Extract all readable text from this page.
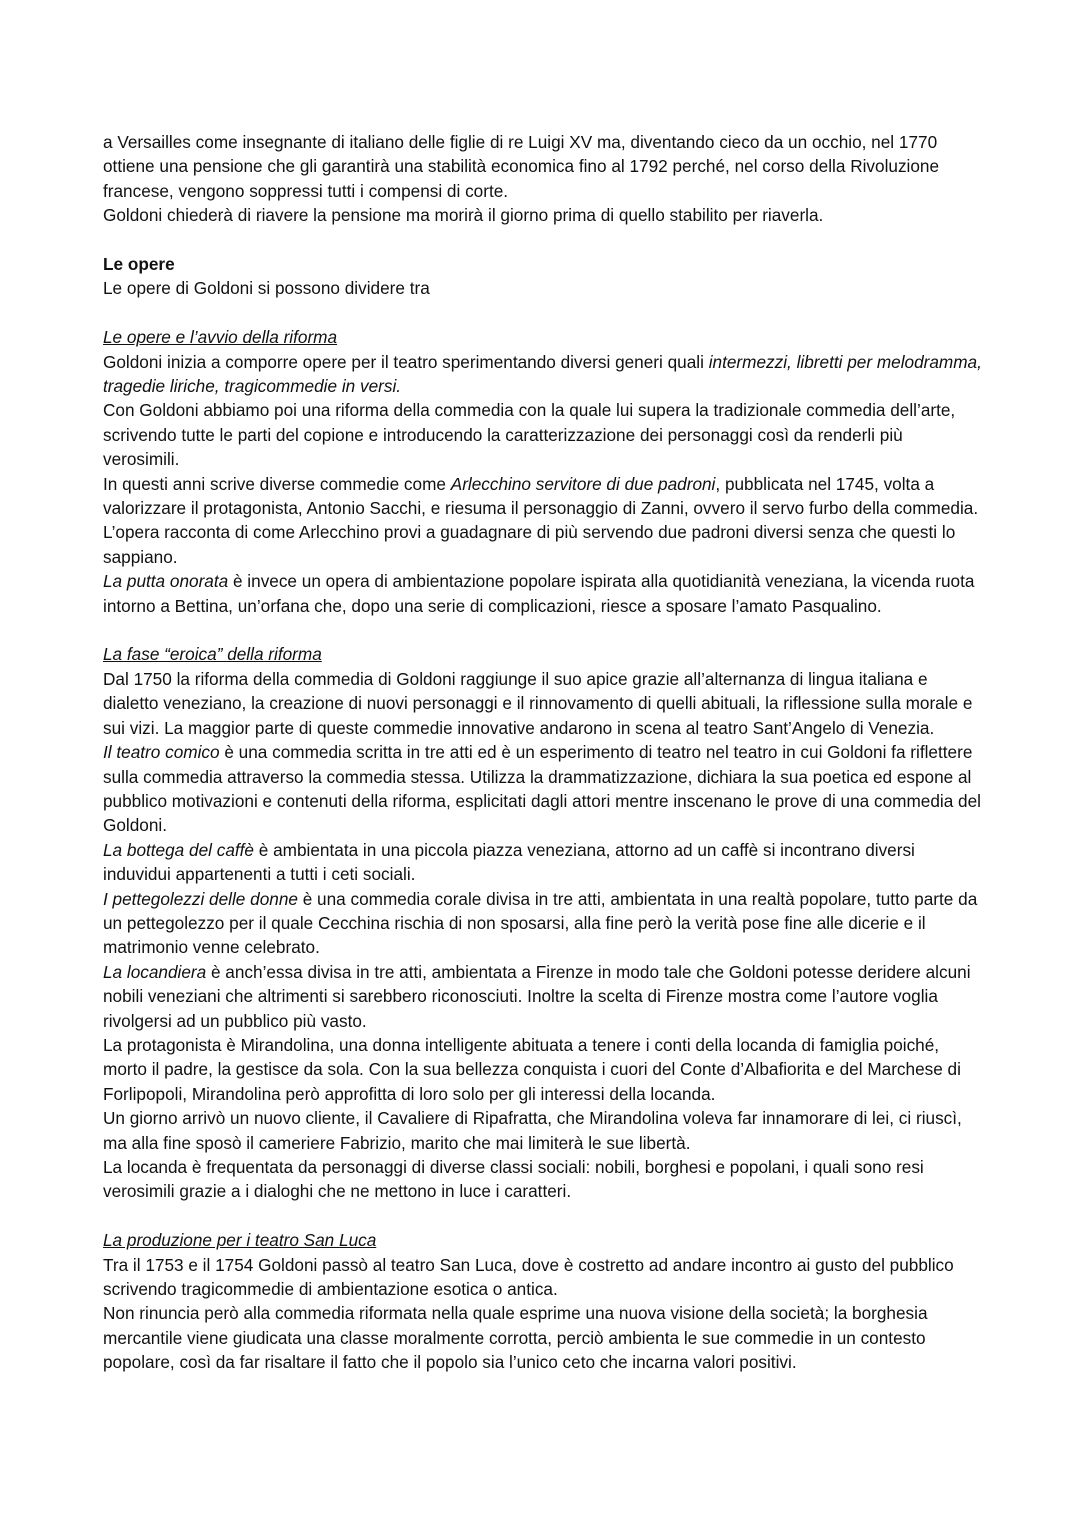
a Versailles come insegnante di italiano delle figlie di re Luigi XV ma, diventando cieco da un occhio, nel 1770 ottiene una pensione che gli garantirà una stabilità economica fino al 1792 perché, nel corso della Rivoluzione francese, vengono soppressi tutti i compensi di corte.

Goldoni chiederà di riavere la pensione ma morirà il giorno prima di quello stabilito per riaverla.

Le opere

Le opere di Goldoni si possono dividere tra

Le opere e l’avvio della riforma

Goldoni inizia a comporre opere per il teatro sperimentando diversi generi quali intermezzi, libretti per melodramma, tragedie liriche, tragicommedie in versi.

Con Goldoni abbiamo poi una riforma della commedia con la quale lui supera la tradizionale commedia dell’arte, scrivendo tutte le parti del copione e introducendo la caratterizzazione dei personaggi così da renderli più verosimili.

In questi anni scrive diverse commedie come Arlecchino servitore di due padroni, pubblicata nel 1745, volta a valorizzare il protagonista, Antonio Sacchi, e riesuma il personaggio di Zanni, ovvero il servo furbo della commedia. L’opera racconta di come Arlecchino provi a guadagnare di più servendo due padroni diversi senza che questi lo sappiano.

La putta onorata è invece un opera di ambientazione popolare ispirata alla quotidianità veneziana, la vicenda ruota intorno a Bettina, un’orfana che, dopo una serie di complicazioni, riesce a sposare l’amato Pasqualino.

La fase “eroica” della riforma

Dal 1750 la riforma della commedia di Goldoni raggiunge il suo apice grazie all’alternanza di lingua italiana e dialetto veneziano, la creazione di nuovi personaggi e il rinnovamento di quelli abituali, la riflessione sulla morale e sui vizi. La maggior parte di queste commedie innovative andarono in scena al teatro Sant’Angelo di Venezia.

Il teatro comico è una commedia scritta in tre atti ed è un esperimento di teatro nel teatro in cui Goldoni fa riflettere sulla commedia attraverso la commedia stessa. Utilizza la drammatizzazione, dichiara la sua poetica ed espone al pubblico motivazioni e contenuti della riforma, esplicitati dagli attori mentre inscenano le prove di una commedia del Goldoni.

La bottega del caffè è ambientata in una piccola piazza veneziana, attorno ad un caffè si incontrano diversi induvidui appartenenti a tutti i ceti sociali.

I pettegolezzi delle donne è una commedia corale divisa in tre atti, ambientata in una realtà popolare, tutto parte da un pettegolezzo per il quale Cecchina rischia di non sposarsi, alla fine però la verità pose fine alle dicerie e il matrimonio venne celebrato.

La locandiera è anch’essa divisa in tre atti, ambientata a Firenze in modo tale che Goldoni potesse deridere alcuni nobili veneziani che altrimenti si sarebbero riconosciuti. Inoltre la scelta di Firenze mostra come l’autore voglia rivolgersi ad un pubblico più vasto.

La protagonista è Mirandolina, una donna intelligente abituata a tenere i conti della locanda di famiglia poiché, morto il padre, la gestisce da sola. Con la sua bellezza conquista i cuori del Conte d’Albafiorita e del Marchese di Forlipopoli, Mirandolina però approfitta di loro solo per gli interessi della locanda.

Un giorno arrivò un nuovo cliente, il Cavaliere di Ripafratta, che Mirandolina voleva far innamorare di lei, ci riuscì, ma alla fine sposò il cameriere Fabrizio, marito che mai limiterà le sue libertà.

La locanda è frequentata da personaggi di diverse classi sociali: nobili, borghesi e popolani, i quali sono resi verosimili grazie a i dialoghi che ne mettono in luce i caratteri.

La produzione per i teatro San Luca

Tra il 1753 e il 1754 Goldoni passò al teatro San Luca, dove è costretto ad andare incontro ai gusto del pubblico scrivendo tragicommedie di ambientazione esotica o antica.

Non rinuncia però alla commedia riformata nella quale esprime una nuova visione della società; la borghesia mercantile viene giudicata una classe moralmente corrotta, perciò ambienta le sue commedie in un contesto popolare, così da far risaltare il fatto che il popolo sia l’unico ceto che incarna valori positivi.
